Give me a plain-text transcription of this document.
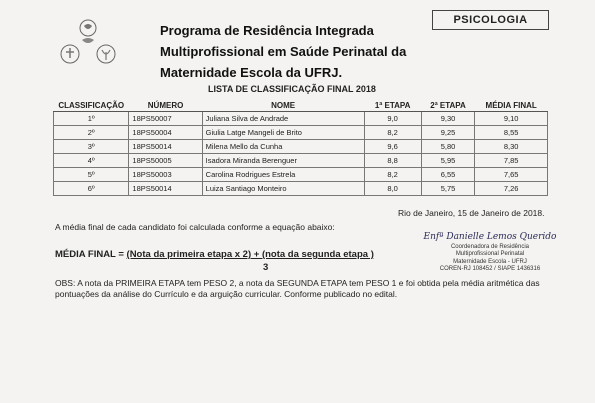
Programa de Residência Integrada
Multiprofissional em Saúde Perinatal da
Maternidade Escola da UFRJ.
PSICOLOGIA
LISTA DE CLASSIFICAÇÃO FINAL 2018
CLASSIFICAÇÃO	NÚMERO	NOME	1ª ETAPA	2ª ETAPA	MÉDIA FINAL
1º	18PS50007	Juliana Silva de Andrade	9,0	9,30	9,10
2º	18PS50004	Giulia Latge Mangeli de Brito	8,2	9,25	8,55
3º	18PS50014	Milena Mello da Cunha	9,6	5,80	8,30
4º	18PS50005	Isadora Miranda Berenguer	8,8	5,95	7,85
5º	18PS50003	Carolina Rodrigues Estrela	8,2	6,55	7,65
6º	18PS50014	Luiza Santiago Monteiro	8,0	5,75	7,26
Rio de Janeiro, 15 de Janeiro de 2018.
A média final de cada candidato foi calculada conforme a equação abaixo:
MÉDIA FINAL = (Nota da primeira etapa x 2) + (nota da segunda etapa )
3
Enfª Danielle Lemos Querido
Coordenadora de Residência
Multiprofissional Perinatal
Maternidade Escola - UFRJ
COREN-RJ 108452 / SIAPE 1436316
OBS: A nota da PRIMEIRA ETAPA tem PESO 2, a nota da SEGUNDA ETAPA tem PESO 1 e foi obtida pela média aritmética das pontuações da análise do Currículo e da arguição curricular. Conforme publicado no edital.
